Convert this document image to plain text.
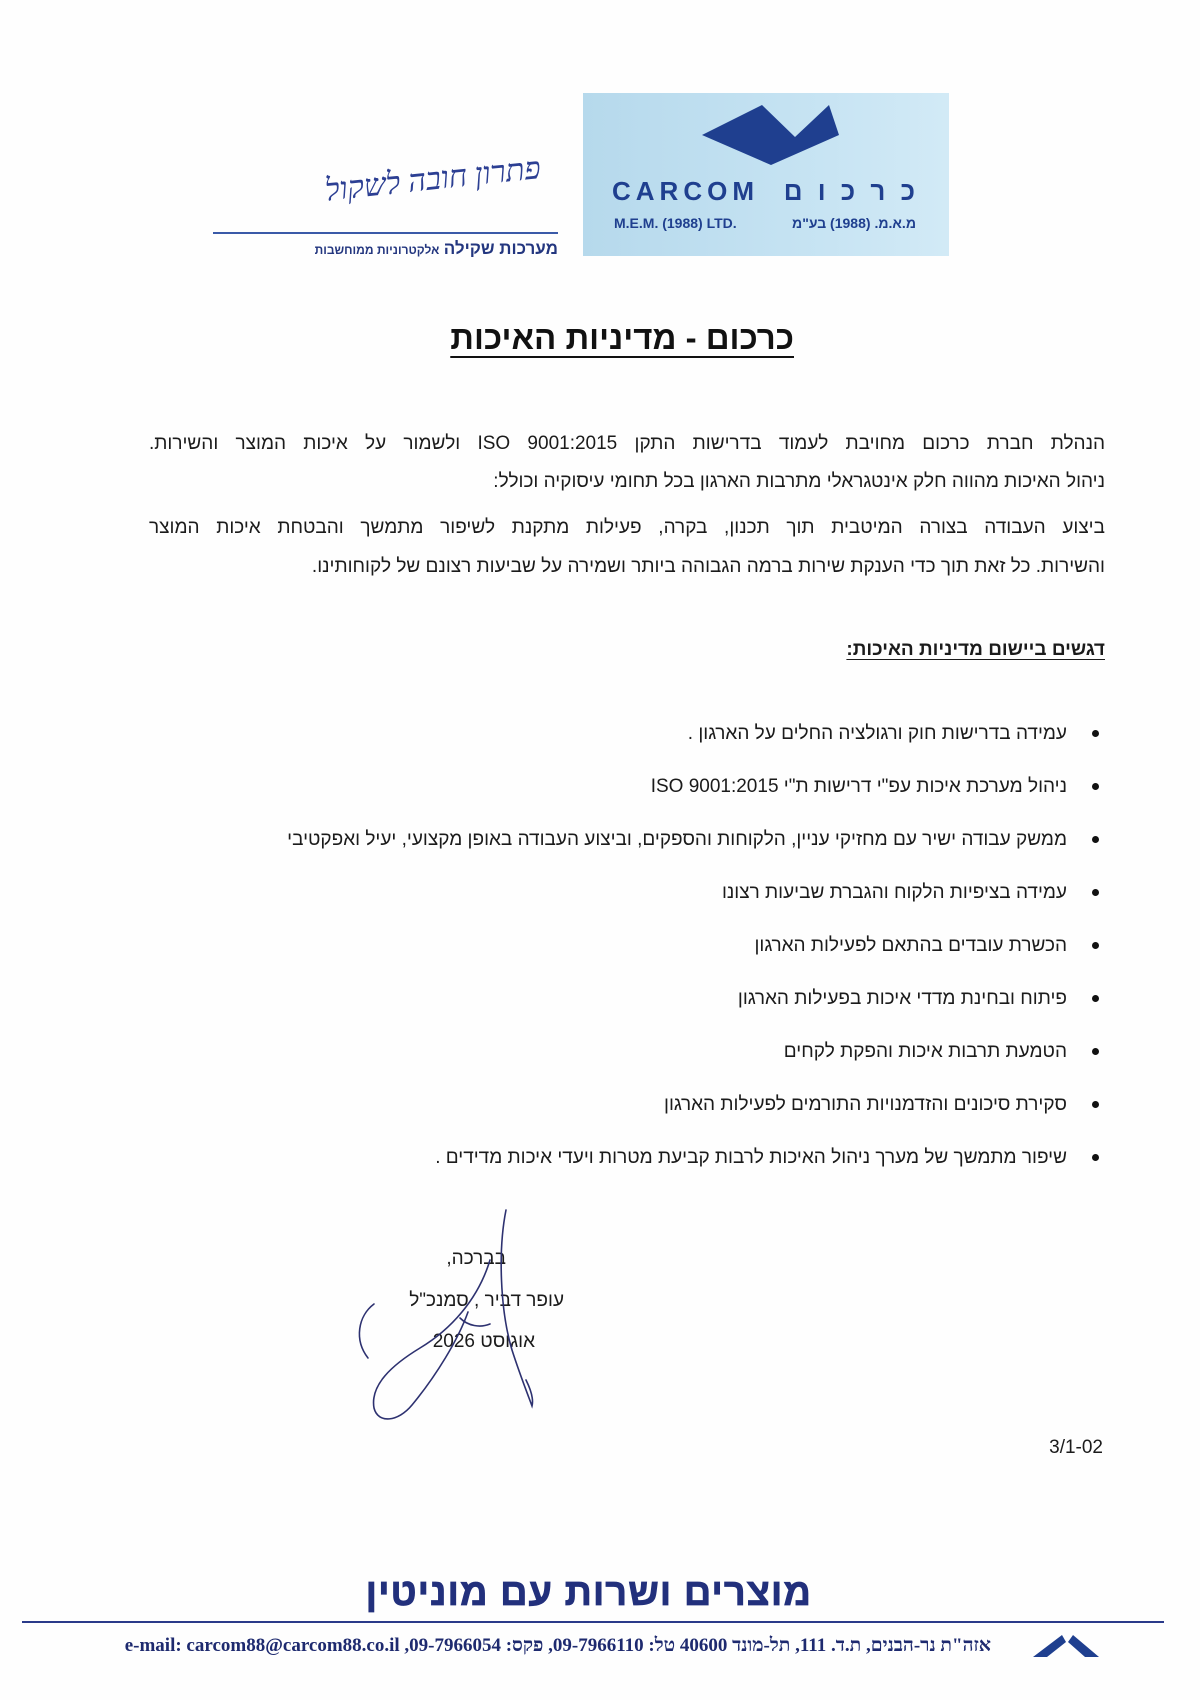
CARCOM כ ר כ ו ם
M.E.M. (1988) LTD.	מ.א.מ. (1988) בע"מ
פתרון חובה לשקול
מערכות שקילה אלקטרוניות ממוחשבות
כרכום - מדיניות האיכות
הנהלת חברת כרכום מחויבת לעמוד בדרישות התקן ISO 9001:2015 ולשמור על איכות המוצר והשירות.
ניהול האיכות מהווה חלק אינטגראלי מתרבות הארגון בכל תחומי עיסוקיה וכולל:
ביצוע העבודה בצורה המיטבית תוך תכנון, בקרה, פעילות מתקנת לשיפור מתמשך והבטחת איכות המוצר
והשירות. כל זאת תוך כדי הענקת שירות ברמה הגבוהה ביותר ושמירה על שביעות רצונם של לקוחותינו.
דגשים ביישום מדיניות האיכות:
עמידה בדרישות חוק ורגולציה החלים על הארגון .
ניהול מערכת איכות עפ"י דרישות ת"י ISO 9001:2015
ממשק עבודה ישיר עם מחזיקי עניין, הלקוחות והספקים, וביצוע העבודה באופן מקצועי, יעיל ואפקטיבי
עמידה בציפיות הלקוח והגברת שביעות רצונו
הכשרת עובדים בהתאם לפעילות הארגון
פיתוח ובחינת מדדי איכות בפעילות הארגון
הטמעת תרבות איכות והפקת לקחים
סקירת סיכונים והזדמנויות התורמים לפעילות הארגון
שיפור מתמשך של מערך ניהול האיכות לרבות קביעת מטרות ויעדי איכות מדידים .
בברכה,
עופר דביר , סמנכ"ל
אוגוסט 2026
3/1-02
מוצרים ושרות עם מוניטין
אזה"ת נר-הבנים, ת.ד. 111, תל-מונד 40600 טל: 09-7966110, פקס: 09-7966054, e-mail: carcom88@carcom88.co.il
